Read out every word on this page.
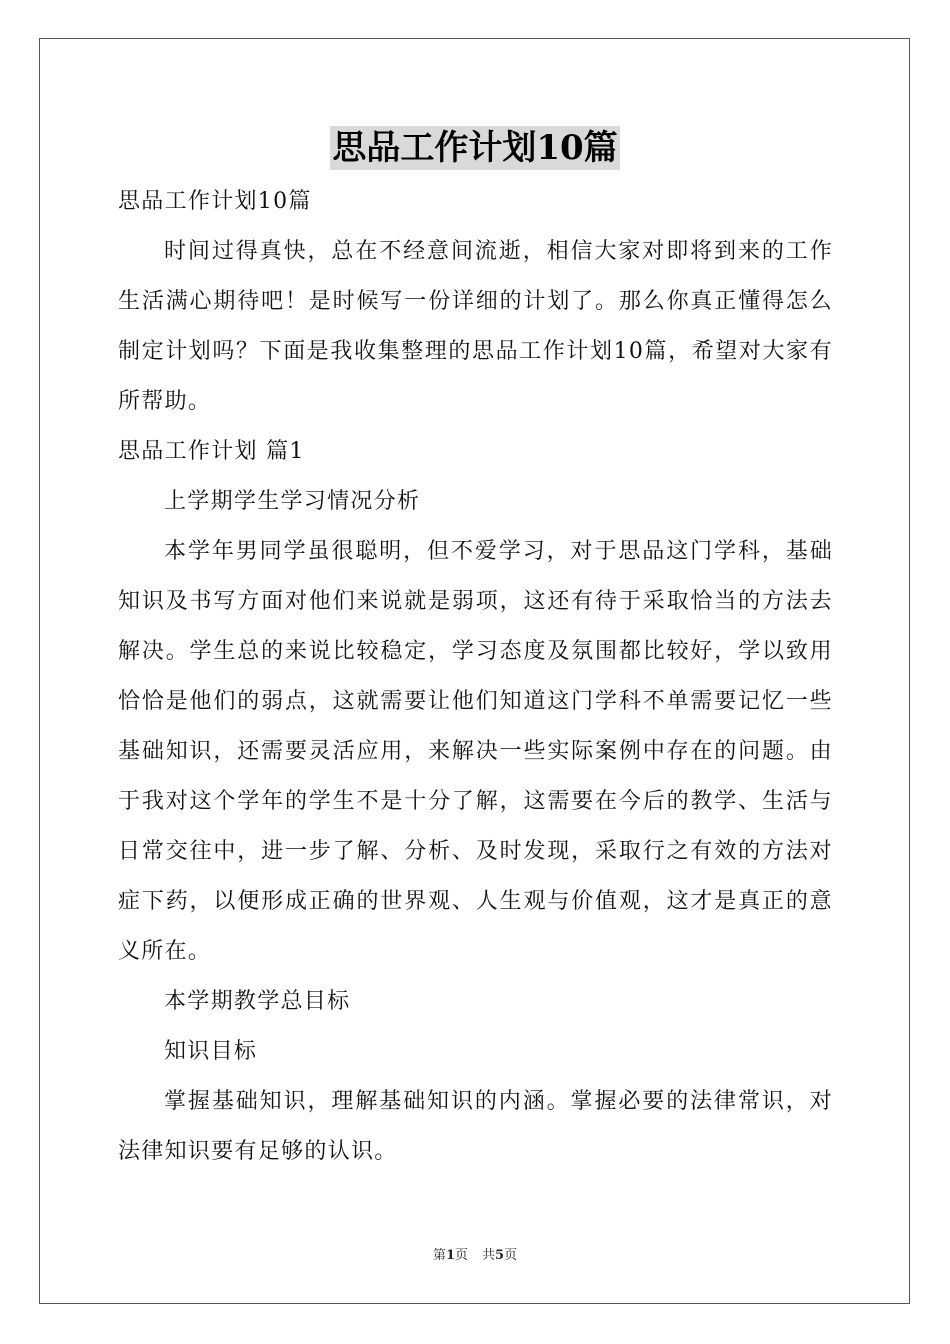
思品工作计划10篇

思品工作计划10篇

时间过得真快，总在不经意间流逝，相信大家对即将到来的工作生活满心期待吧！是时候写一份详细的计划了。那么你真正懂得怎么制定计划吗？下面是我收集整理的思品工作计划10篇，希望对大家有所帮助。

思品工作计划 篇1

上学期学生学习情况分析

本学年男同学虽很聪明，但不爱学习，对于思品这门学科，基础知识及书写方面对他们来说就是弱项，这还有待于采取恰当的方法去解决。学生总的来说比较稳定，学习态度及氛围都比较好，学以致用恰恰是他们的弱点，这就需要让他们知道这门学科不单需要记忆一些基础知识，还需要灵活应用，来解决一些实际案例中存在的问题。由于我对这个学年的学生不是十分了解，这需要在今后的教学、生活与日常交往中，进一步了解、分析、及时发现，采取行之有效的方法对症下药，以便形成正确的世界观、人生观与价值观，这才是真正的意义所在。

本学期教学总目标

知识目标

掌握基础知识，理解基础知识的内涵。掌握必要的法律常识，对法律知识要有足够的认识。

第1页 共5页
